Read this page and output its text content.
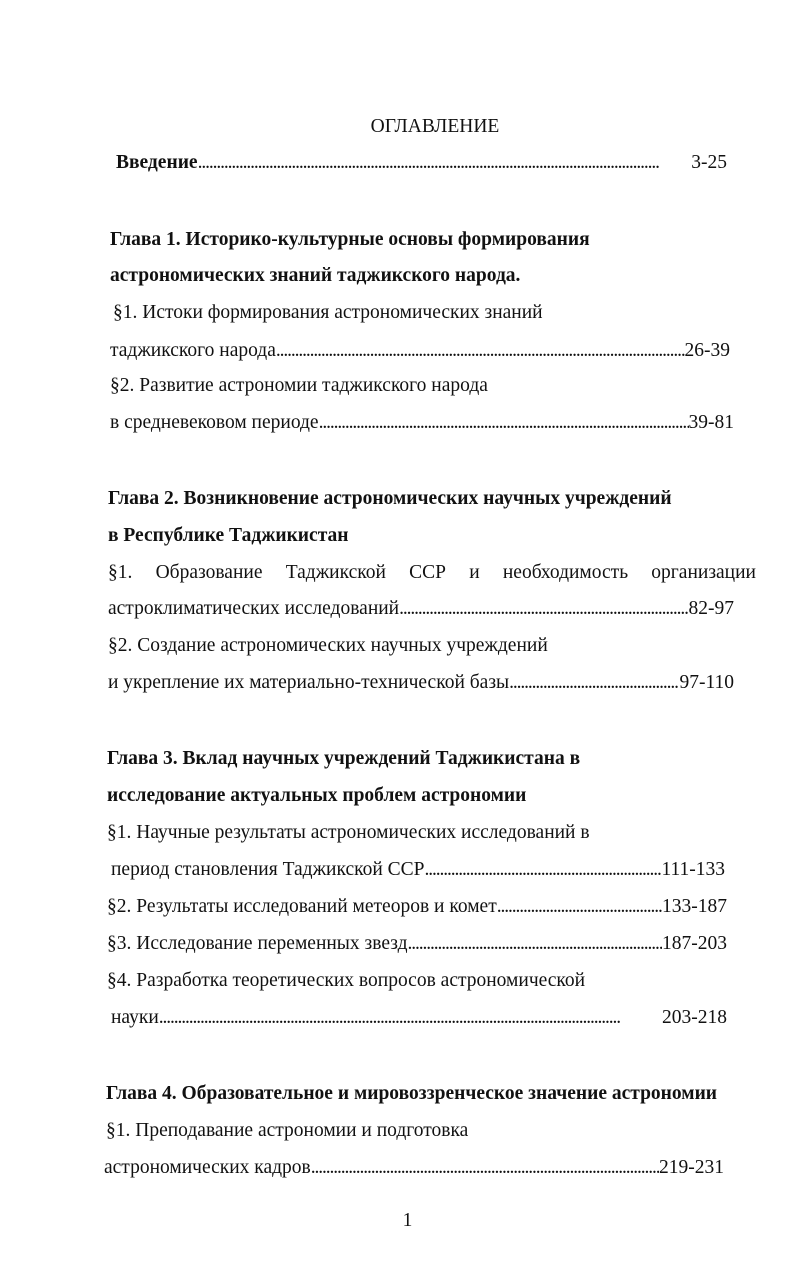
ОГЛАВЛЕНИЕ
Введение . . .	3-25
Глава 1. Историко-культурные основы формирования
астрономических знаний таджикского народа.
§1. Истоки формирования астрономических знаний
таджикского народа . . .	26-39
§2. Развитие астрономии таджикского народа
в средневековом периоде . . .	39-81
Глава 2. Возникновение астрономических научных учреждений
в Республике Таджикистан
§1. Образование Таджикской ССР и необходимость организации
астроклиматических исследований . . .	82-97
§2. Создание астрономических научных учреждений
и укрепление их материально-технической базы . . .	97-110
Глава 3. Вклад научных учреждений Таджикистана в
исследование актуальных проблем астрономии
§1. Научные результаты астрономических исследований в
период становления Таджикской ССР . . .	111-133
§2. Результаты исследований метеоров и комет . . .	133-187
§3. Исследование переменных звезд . . .	187-203
§4. Разработка теоретических вопросов астрономической
науки . . .	203-218
Глава 4. Образовательное и мировоззренческое значение астрономии
§1. Преподавание астрономии и подготовка
астрономических кадров . . .	219-231
1
